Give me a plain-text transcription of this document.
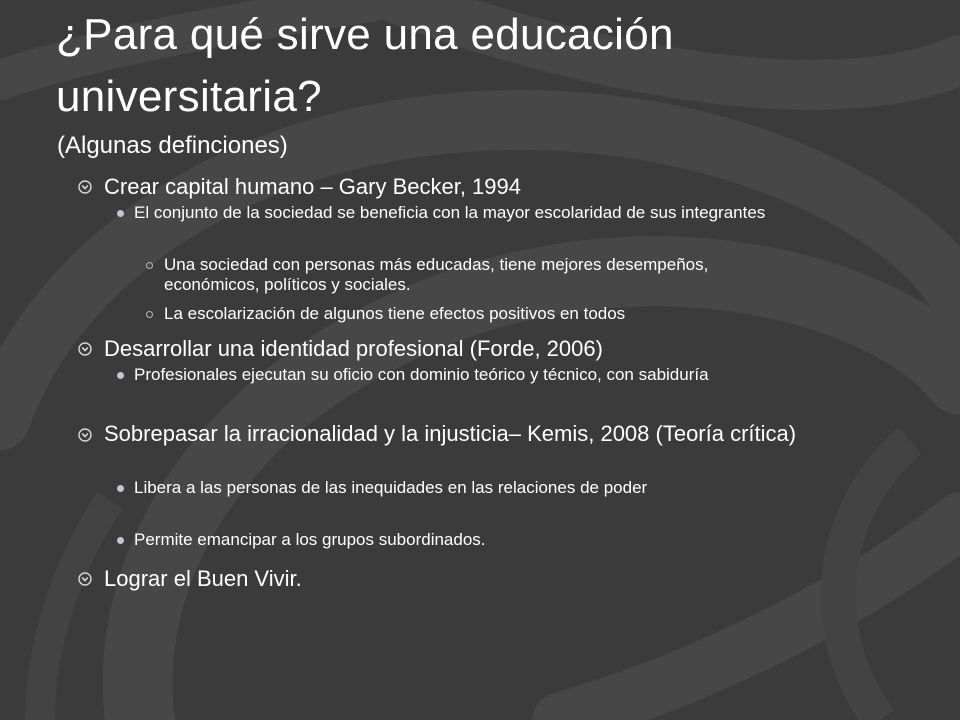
¿Para qué sirve una educación universitaria?
(Algunas definciones)
Crear capital humano – Gary Becker, 1994
El conjunto de la sociedad se beneficia con la mayor escolaridad de sus integrantes
Una sociedad con personas más educadas, tiene mejores desempeños, económicos, políticos y sociales.
La escolarización de algunos tiene efectos positivos en todos
Desarrollar una identidad profesional (Forde, 2006)
Profesionales ejecutan su oficio con dominio teórico y técnico, con sabiduría
Sobrepasar la irracionalidad y la injusticia– Kemis, 2008 (Teoría crítica)
Libera a las personas de las inequidades en las relaciones de poder
Permite emancipar a los grupos subordinados.
Lograr el Buen Vivir.
